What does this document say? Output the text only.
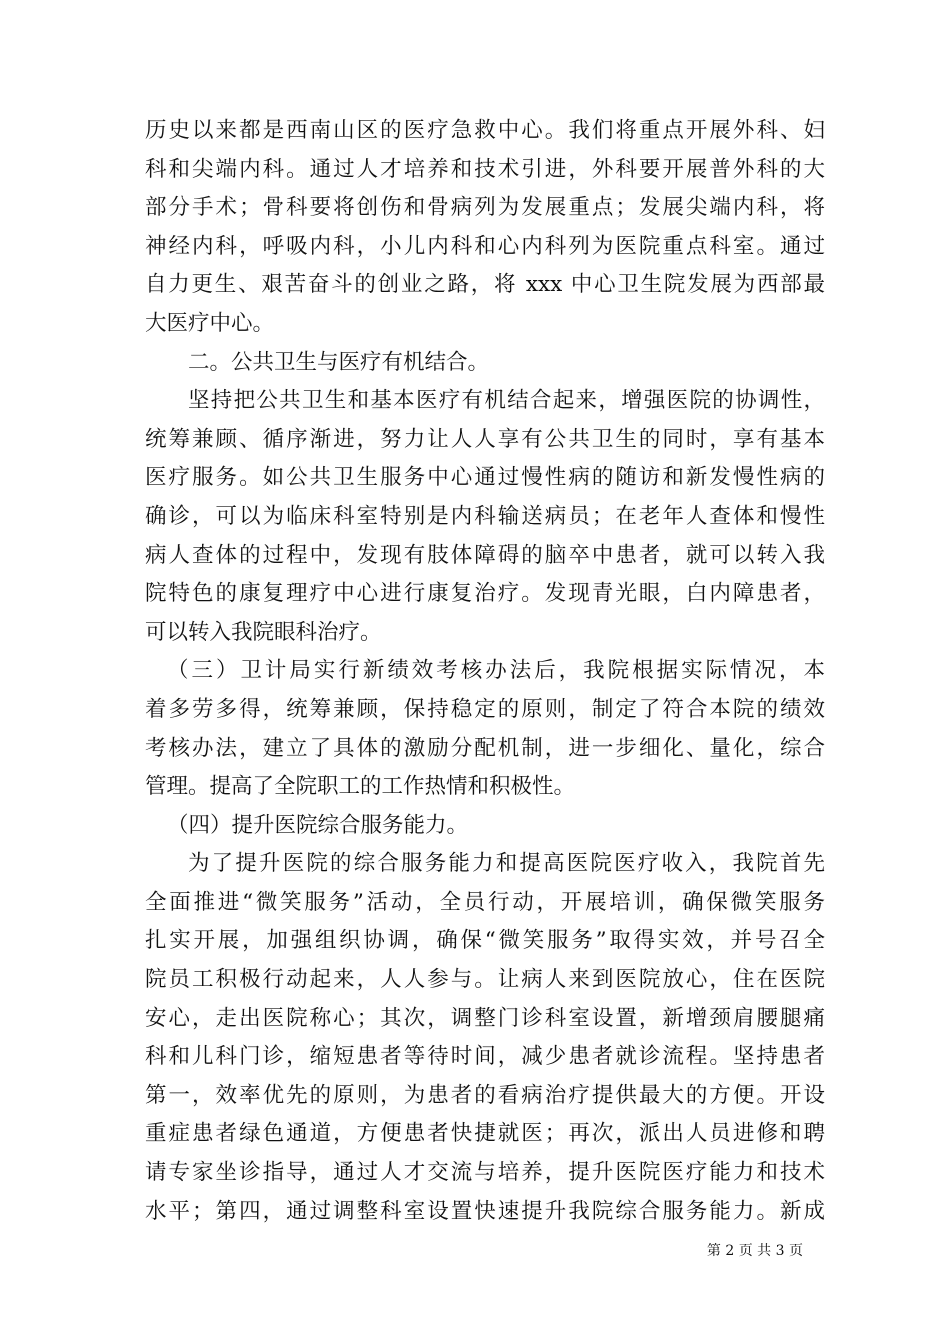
历史以来都是西南山区的医疗急救中心。我们将重点开展外科、妇
科和尖端内科。通过人才培养和技术引进，外科要开展普外科的大
部分手术；骨科要将创伤和骨病列为发展重点；发展尖端内科，将
神经内科，呼吸内科，小儿内科和心内科列为医院重点科室。通过
自力更生、艰苦奋斗的创业之路，将 xxx 中心卫生院发展为西部最
大医疗中心。
二。公共卫生与医疗有机结合。
坚持把公共卫生和基本医疗有机结合起来，增强医院的协调性，
统筹兼顾、循序渐进，努力让人人享有公共卫生的同时，享有基本
医疗服务。如公共卫生服务中心通过慢性病的随访和新发慢性病的
确诊，可以为临床科室特别是内科输送病员；在老年人查体和慢性
病人查体的过程中，发现有肢体障碍的脑卒中患者，就可以转入我
院特色的康复理疗中心进行康复治疗。发现青光眼，白内障患者，
可以转入我院眼科治疗。
（三）卫计局实行新绩效考核办法后，我院根据实际情况，本
着多劳多得，统筹兼顾，保持稳定的原则，制定了符合本院的绩效
考核办法，建立了具体的激励分配机制，进一步细化、量化，综合
管理。提高了全院职工的工作热情和积极性。
（四）提升医院综合服务能力。
为了提升医院的综合服务能力和提高医院医疗收入，我院首先
全面推进“微笑服务”活动，全员行动，开展培训，确保微笑服务
扎实开展，加强组织协调，确保“微笑服务”取得实效，并号召全
院员工积极行动起来，人人参与。让病人来到医院放心，住在医院
安心，走出医院称心；其次，调整门诊科室设置，新增颈肩腰腿痛
科和儿科门诊，缩短患者等待时间，减少患者就诊流程。坚持患者
第一，效率优先的原则，为患者的看病治疗提供最大的方便。开设
重症患者绿色通道，方便患者快捷就医；再次，派出人员进修和聘
请专家坐诊指导，通过人才交流与培养，提升医院医疗能力和技术
水平；第四，通过调整科室设置快速提升我院综合服务能力。新成
第 2 页 共 3 页
